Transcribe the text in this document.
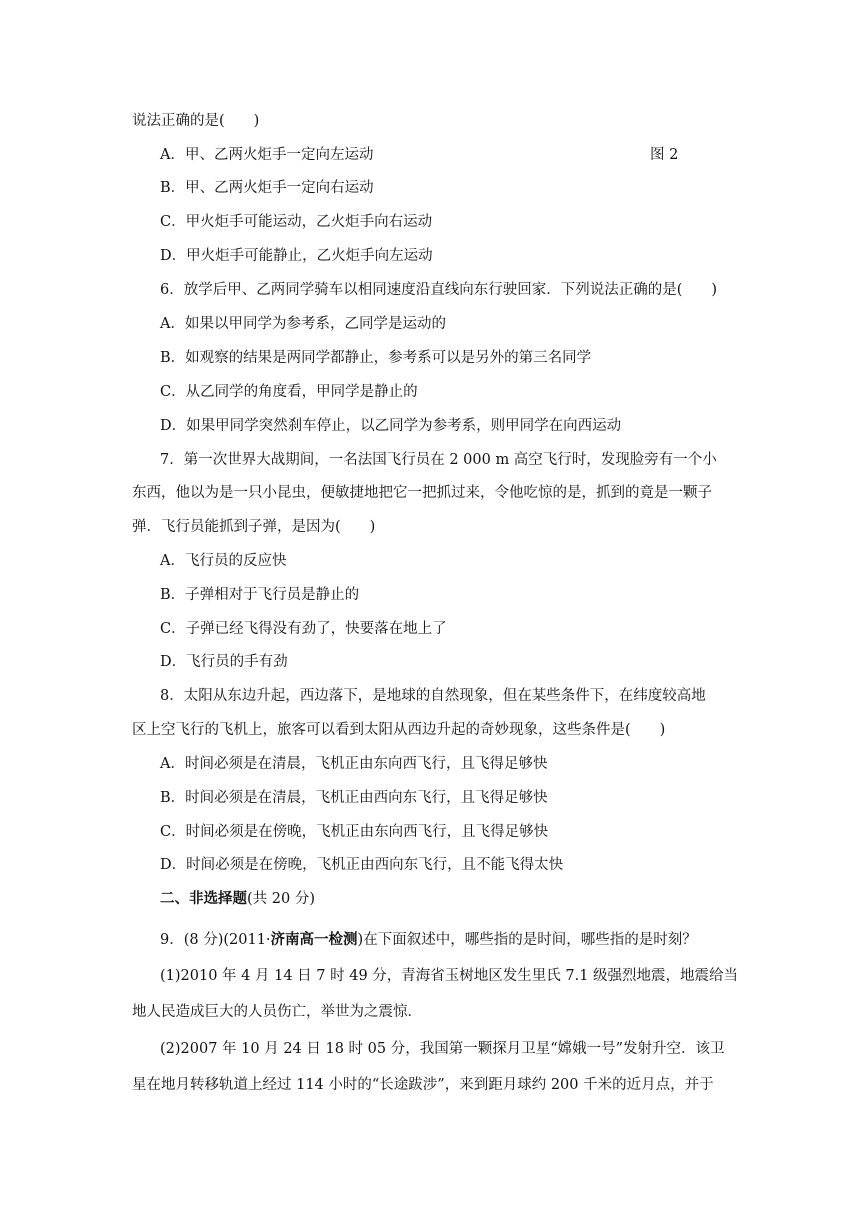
说法正确的是(　　)
A．甲、乙两火炬手一定向左运动	图 2
B．甲、乙两火炬手一定向右运动
C．甲火炬手可能运动，乙火炬手向右运动
D．甲火炬手可能静止，乙火炬手向左运动
6．放学后甲、乙两同学骑车以相同速度沿直线向东行驶回家．下列说法正确的是(　　)
A．如果以甲同学为参考系，乙同学是运动的
B．如观察的结果是两同学都静止，参考系可以是另外的第三名同学
C．从乙同学的角度看，甲同学是静止的
D．如果甲同学突然刹车停止，以乙同学为参考系，则甲同学在向西运动
7．第一次世界大战期间，一名法国飞行员在 2 000 m 高空飞行时，发现脸旁有一个小
东西，他以为是一只小昆虫，便敏捷地把它一把抓过来，令他吃惊的是，抓到的竟是一颗子
弹．飞行员能抓到子弹，是因为(　　)
A．飞行员的反应快
B．子弹相对于飞行员是静止的
C．子弹已经飞得没有劲了，快要落在地上了
D．飞行员的手有劲
8．太阳从东边升起，西边落下，是地球的自然现象，但在某些条件下，在纬度较高地
区上空飞行的飞机上，旅客可以看到太阳从西边升起的奇妙现象，这些条件是(　　)
A．时间必须是在清晨，飞机正由东向西飞行，且飞得足够快
B．时间必须是在清晨，飞机正由西向东飞行，且飞得足够快
C．时间必须是在傍晚，飞机正由东向西飞行，且飞得足够快
D．时间必须是在傍晚，飞机正由西向东飞行，且不能飞得太快
二、非选择题(共 20 分)
9．(8 分)(2011·济南高一检测)在下面叙述中，哪些指的是时间，哪些指的是时刻？
(1)2010 年 4 月 14 日 7 时 49 分，青海省玉树地区发生里氏 7.1 级强烈地震，地震给当
地人民造成巨大的人员伤亡，举世为之震惊．
(2)2007 年 10 月 24 日 18 时 05 分，我国第一颗探月卫星“嫦娥一号”发射升空．该卫
星在地月转移轨道上经过 114 小时的“长途跋涉”，来到距月球约 200 千米的近月点，并于
